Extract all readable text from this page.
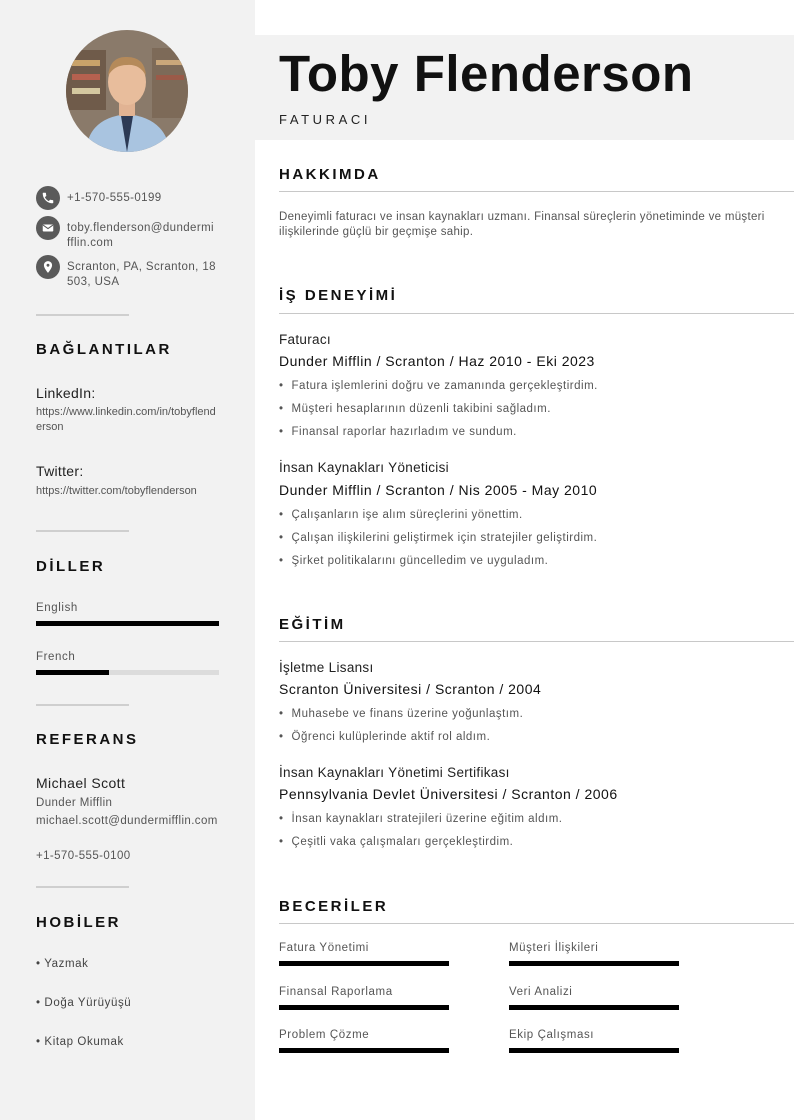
+1-570-555-0199
toby.flenderson@dundermifflin.com
Scranton, PA, Scranton, 18503, USA
BAĞLANTILAR
LinkedIn:
https://www.linkedin.com/in/tobyflenderson
Twitter:
https://twitter.com/tobyflenderson
DİLLER
English
French
REFERANS
Michael Scott
Dunder Mifflin
michael.scott@dundermifflin.com
+1-570-555-0100
HOBİLER
• Yazmak
• Doğa Yürüyüşü
• Kitap Okumak
Toby Flenderson
FATURACI
HAKKIMDA
Deneyimli faturacı ve insan kaynakları uzmanı. Finansal süreçlerin yönetiminde ve müşteri ilişkilerinde güçlü bir geçmişe sahip.
İŞ DENEYİMİ
Faturacı
Dunder Mifflin / Scranton / Haz 2010 - Eki 2023
• Fatura işlemlerini doğru ve zamanında gerçekleştirdim.
• Müşteri hesaplarının düzenli takibini sağladım.
• Finansal raporlar hazırladım ve sundum.
İnsan Kaynakları Yöneticisi
Dunder Mifflin / Scranton / Nis 2005 - May 2010
• Çalışanların işe alım süreçlerini yönettim.
• Çalışan ilişkilerini geliştirmek için stratejiler geliştirdim.
• Şirket politikalarını güncelledim ve uyguladım.
EĞİTİM
İşletme Lisansı
Scranton Üniversitesi / Scranton / 2004
• Muhasebe ve finans üzerine yoğunlaştım.
• Öğrenci kulüplerinde aktif rol aldım.
İnsan Kaynakları Yönetimi Sertifikası
Pennsylvania Devlet Üniversitesi / Scranton / 2006
• İnsan kaynakları stratejileri üzerine eğitim aldım.
• Çeşitli vaka çalışmaları gerçekleştirdim.
BECERİLER
Fatura Yönetimi	Müşteri İlişkileri
Finansal Raporlama	Veri Analizi
Problem Çözme	Ekip Çalışması
